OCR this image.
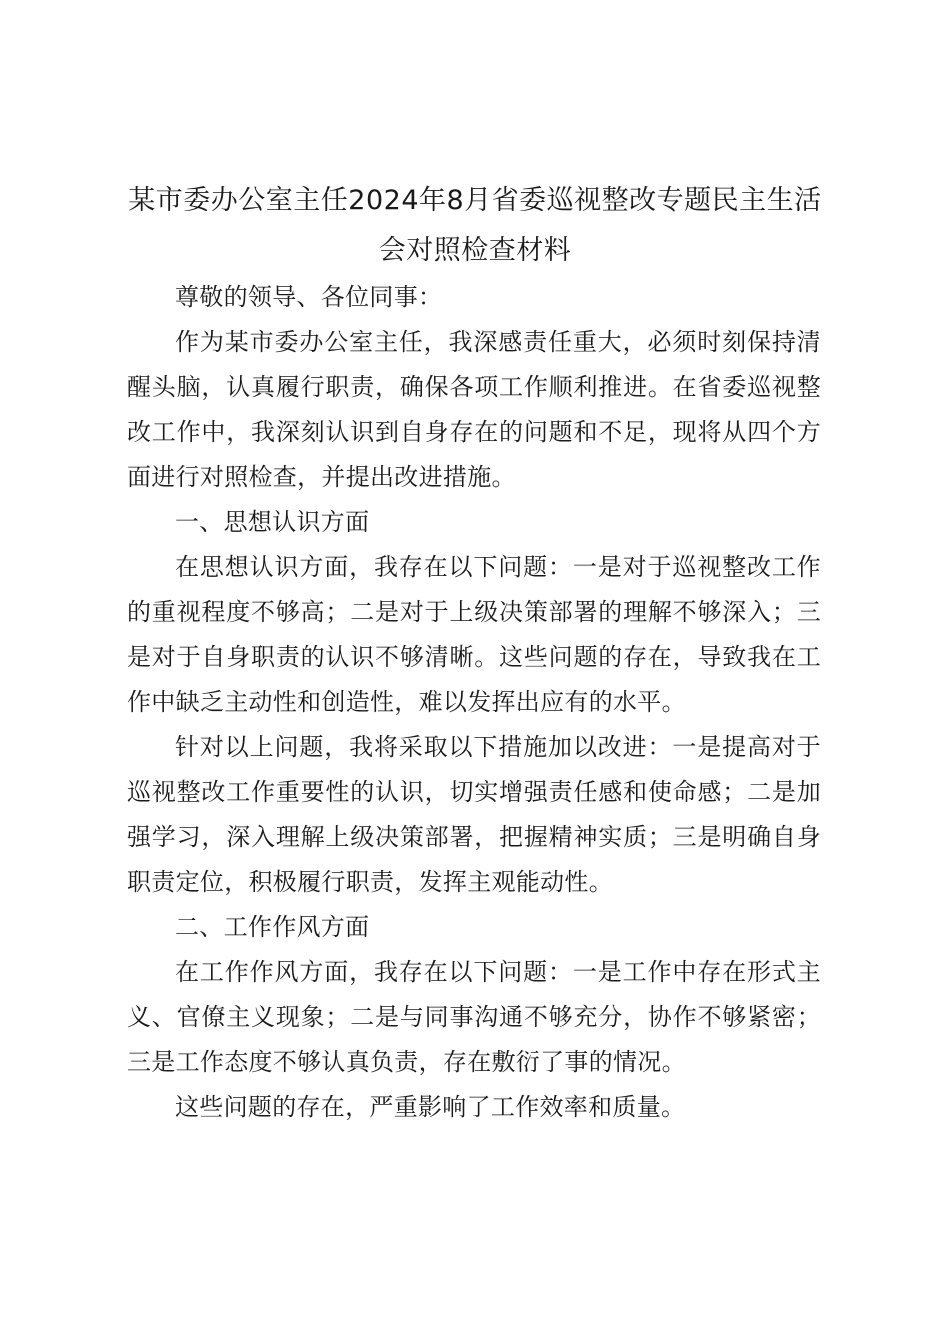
某市委办公室主任2024年8月省委巡视整改专题民主生活会对照检查材料

尊敬的领导、各位同事：

作为某市委办公室主任，我深感责任重大，必须时刻保持清醒头脑，认真履行职责，确保各项工作顺利推进。在省委巡视整改工作中，我深刻认识到自身存在的问题和不足，现将从四个方面进行对照检查，并提出改进措施。

一、思想认识方面

在思想认识方面，我存在以下问题：一是对于巡视整改工作的重视程度不够高；二是对于上级决策部署的理解不够深入；三是对于自身职责的认识不够清晰。这些问题的存在，导致我在工作中缺乏主动性和创造性，难以发挥出应有的水平。

针对以上问题，我将采取以下措施加以改进：一是提高对于巡视整改工作重要性的认识，切实增强责任感和使命感；二是加强学习，深入理解上级决策部署，把握精神实质；三是明确自身职责定位，积极履行职责，发挥主观能动性。

二、工作作风方面

在工作作风方面，我存在以下问题：一是工作中存在形式主义、官僚主义现象；二是与同事沟通不够充分，协作不够紧密；三是工作态度不够认真负责，存在敷衍了事的情况。

这些问题的存在，严重影响了工作效率和质量。
